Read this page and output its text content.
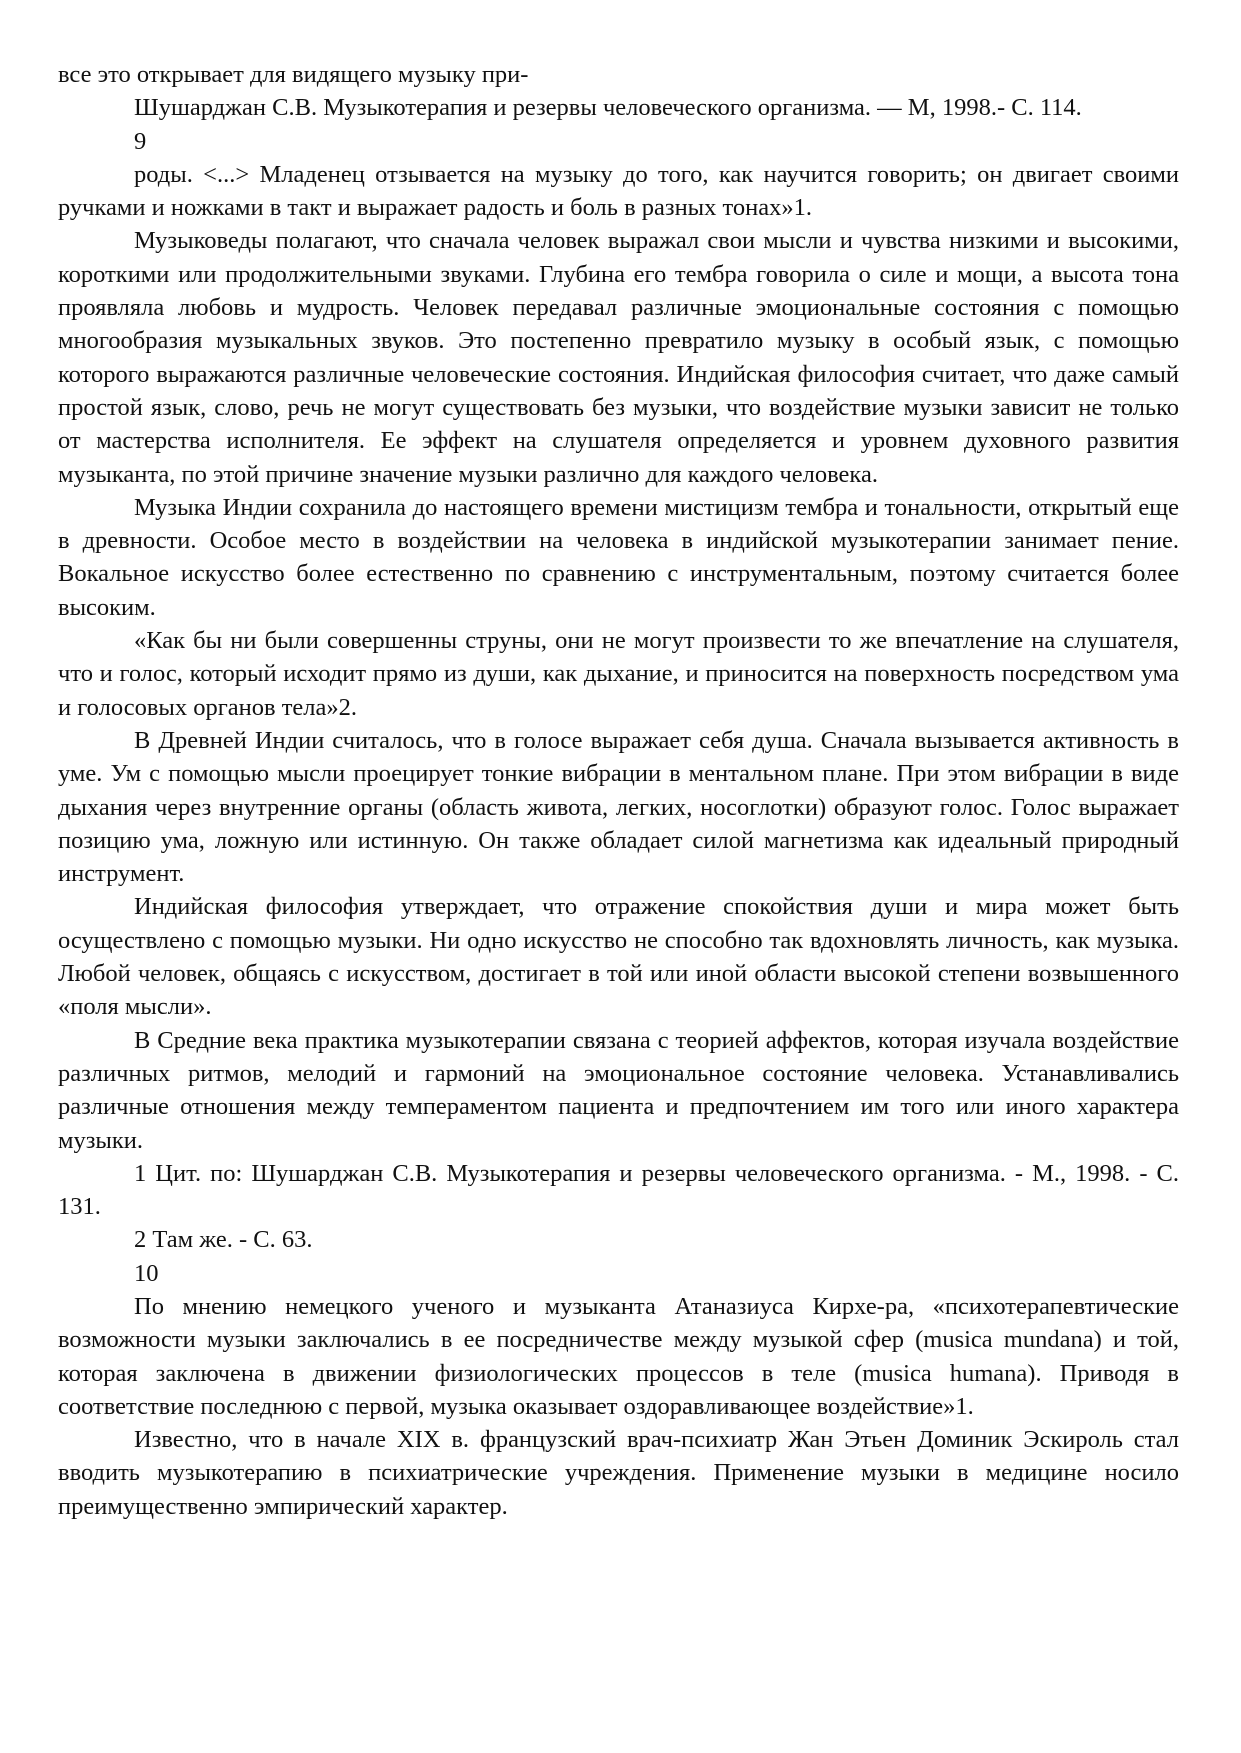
все это открывает для видящего музыку при-

Шушарджан С.В. Музыкотерапия и резервы человеческого организма. — М, 1998.- С. 114.

9

роды. <...> Младенец отзывается на музыку до того, как научится говорить; он двигает своими ручками и ножками в такт и выражает радость и боль в разных тонах»1.

Музыковеды полагают, что сначала человек выражал свои мысли и чувства низкими и высокими, короткими или продолжительными звуками. Глубина его тембра говорила о силе и мощи, а высота тона проявляла любовь и мудрость. Человек передавал различные эмоциональные состояния с помощью многообразия музыкальных звуков. Это постепенно превратило музыку в особый язык, с помощью которого выражаются различные человеческие состояния. Индийская философия считает, что даже самый простой язык, слово, речь не могут существовать без музыки, что воздействие музыки зависит не только от мастерства исполнителя. Ее эффект на слушателя определяется и уровнем духовного развития музыканта, по этой причине значение музыки различно для каждого человека.

Музыка Индии сохранила до настоящего времени мистицизм тембра и тональности, открытый еще в древности. Особое место в воздействии на человека в индийской музыкотерапии занимает пение. Вокальное искусство более естественно по сравнению с инструментальным, поэтому считается более высоким.

«Как бы ни были совершенны струны, они не могут произвести то же впечатление на слушателя, что и голос, который исходит прямо из души, как дыхание, и приносится на поверхность посредством ума и голосовых органов тела»2.

В Древней Индии считалось, что в голосе выражает себя душа. Сначала вызывается активность в уме. Ум с помощью мысли проецирует тонкие вибрации в ментальном плане. При этом вибрации в виде дыхания через внутренние органы (область живота, легких, носоглотки) образуют голос. Голос выражает позицию ума, ложную или истинную. Он также обладает силой магнетизма как идеальный природный инструмент.

Индийская философия утверждает, что отражение спокойствия души и мира может быть осуществлено с помощью музыки. Ни одно искусство не способно так вдохновлять личность, как музыка. Любой человек, общаясь с искусством, достигает в той или иной области высокой степени возвышенного «поля мысли».

В Средние века практика музыкотерапии связана с теорией аффектов, которая изучала воздействие различных ритмов, мелодий и гармоний на эмоциональное состояние человека. Устанавливались различные отношения между темпераментом пациента и предпочтением им того или иного характера музыки.

1 Цит. по: Шушарджан С.В. Музыкотерапия и резервы человеческого организма. - М., 1998. - С. 131.

2 Там же. - С. 63.

10

По мнению немецкого ученого и музыканта Атаназиуса Кирхе-ра, «психотерапевтические возможности музыки заключались в ее посредничестве между музыкой сфер (musica mundana) и той, которая заключена в движении физиологических процессов в теле (musica humana). Приводя в соответствие последнюю с первой, музыка оказывает оздоравливающее воздействие»1.

Известно, что в начале XIX в. французский врач-психиатр Жан Этьен Доминик Эскироль стал вводить музыкотерапию в психиатрические учреждения. Применение музыки в медицине носило преимущественно эмпирический характер.
